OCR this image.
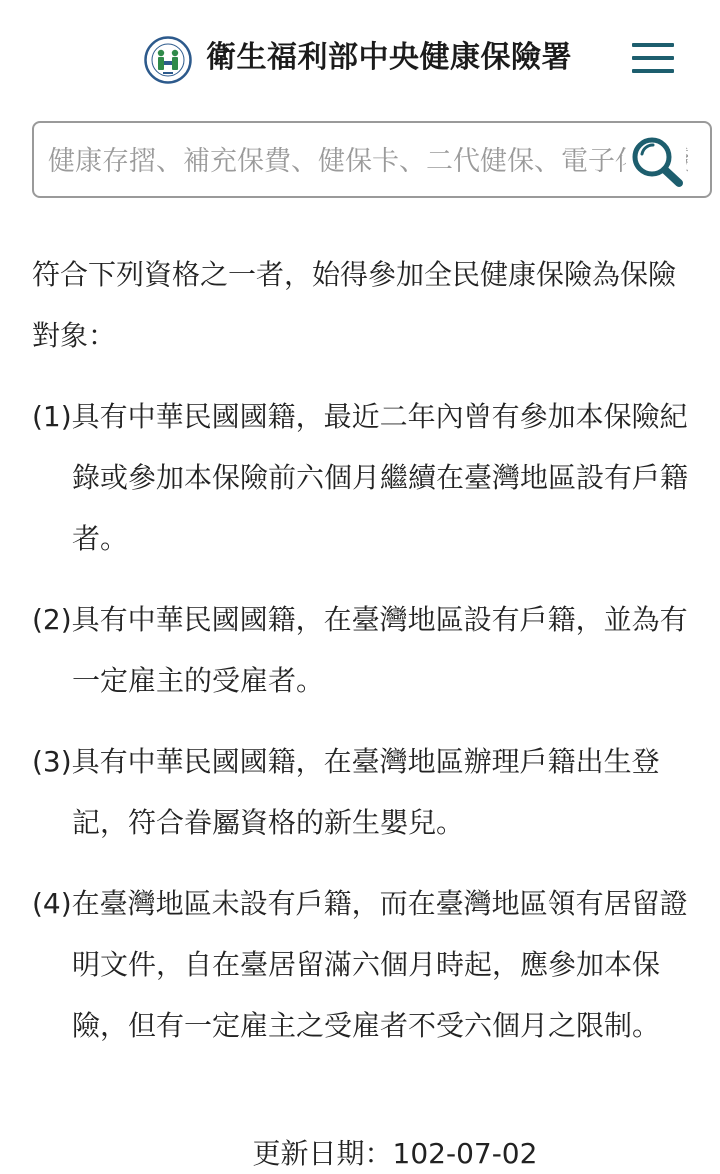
衛生福利部中央健康保險署
健康存摺、補充保費、健保卡、二代健保、電子化服務

符合下列資格之一者，始得參加全民健康保險為保險對象：

(1)具有中華民國國籍，最近二年內曾有參加本保險紀錄或參加本保險前六個月繼續在臺灣地區設有戶籍者。

(2)具有中華民國國籍，在臺灣地區設有戶籍，並為有一定雇主的受雇者。

(3)具有中華民國國籍，在臺灣地區辦理戶籍出生登記，符合眷屬資格的新生嬰兒。

(4)在臺灣地區未設有戶籍，而在臺灣地區領有居留證明文件，自在臺居留滿六個月時起，應參加本保險，但有一定雇主之受雇者不受六個月之限制。

更新日期：102-07-02
